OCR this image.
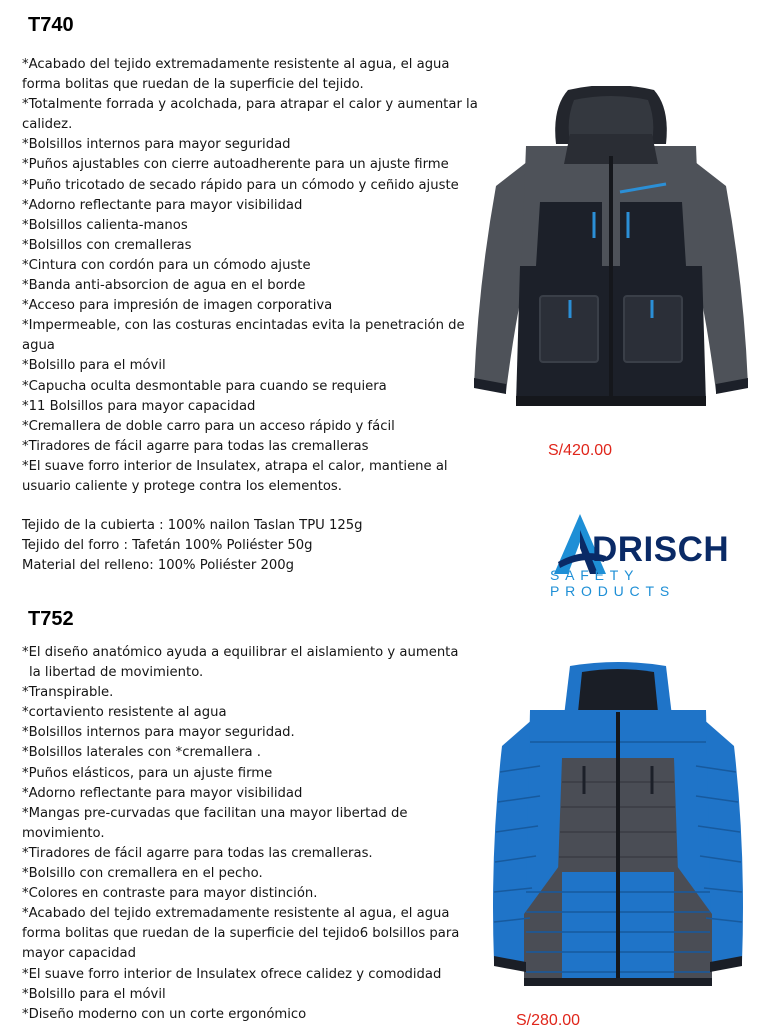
T740
*Acabado del tejido extremadamente resistente al agua, el agua
forma bolitas que ruedan de la superficie del tejido.
*Totalmente forrada y acolchada, para atrapar el calor y aumentar la
calidez.
*Bolsillos internos para mayor seguridad
*Puños ajustables con cierre autoadherente para un ajuste firme
*Puño tricotado de secado rápido para un cómodo y ceñido ajuste
*Adorno reflectante para mayor visibilidad
*Bolsillos calienta-manos
*Bolsillos con cremalleras
*Cintura con cordón para un cómodo ajuste
*Banda anti-absorcion de agua en el borde
*Acceso para impresión de imagen corporativa
*Impermeable, con las costuras encintadas evita la penetración de
agua
*Bolsillo para el móvil
*Capucha oculta desmontable para cuando se requiera
*11 Bolsillos para mayor capacidad
*Cremallera de doble carro para un acceso rápido y fácil
*Tiradores de fácil agarre para todas las cremalleras
*El suave forro interior de Insulatex, atrapa el calor, mantiene al
usuario caliente y protege contra los elementos.
Tejido de la cubierta : 100% nailon Taslan TPU 125g
Tejido del forro : Tafetán 100% Poliéster 50g
Material del relleno: 100% Poliéster 200g
S/420.00
DRISCH
SAFETY PRODUCTS
T752
*El diseño anatómico ayuda a equilibrar el aislamiento y aumenta
la libertad de movimiento.
*Transpirable.
*cortaviento resistente al agua
*Bolsillos internos para mayor seguridad.
*Bolsillos laterales con *cremallera .
*Puños elásticos, para un ajuste firme
*Adorno reflectante para mayor visibilidad
*Mangas pre-curvadas que facilitan una mayor libertad de
movimiento.
*Tiradores de fácil agarre para todas las cremalleras.
*Bolsillo con cremallera en el pecho.
*Colores en contraste para mayor distinción.
*Acabado del tejido extremadamente resistente al agua, el agua
forma bolitas que ruedan de la superficie del tejido6 bolsillos para
mayor capacidad
*El suave forro interior de Insulatex ofrece calidez y comodidad
*Bolsillo para el móvil
*Diseño moderno con un corte ergonómico	S/280.00
